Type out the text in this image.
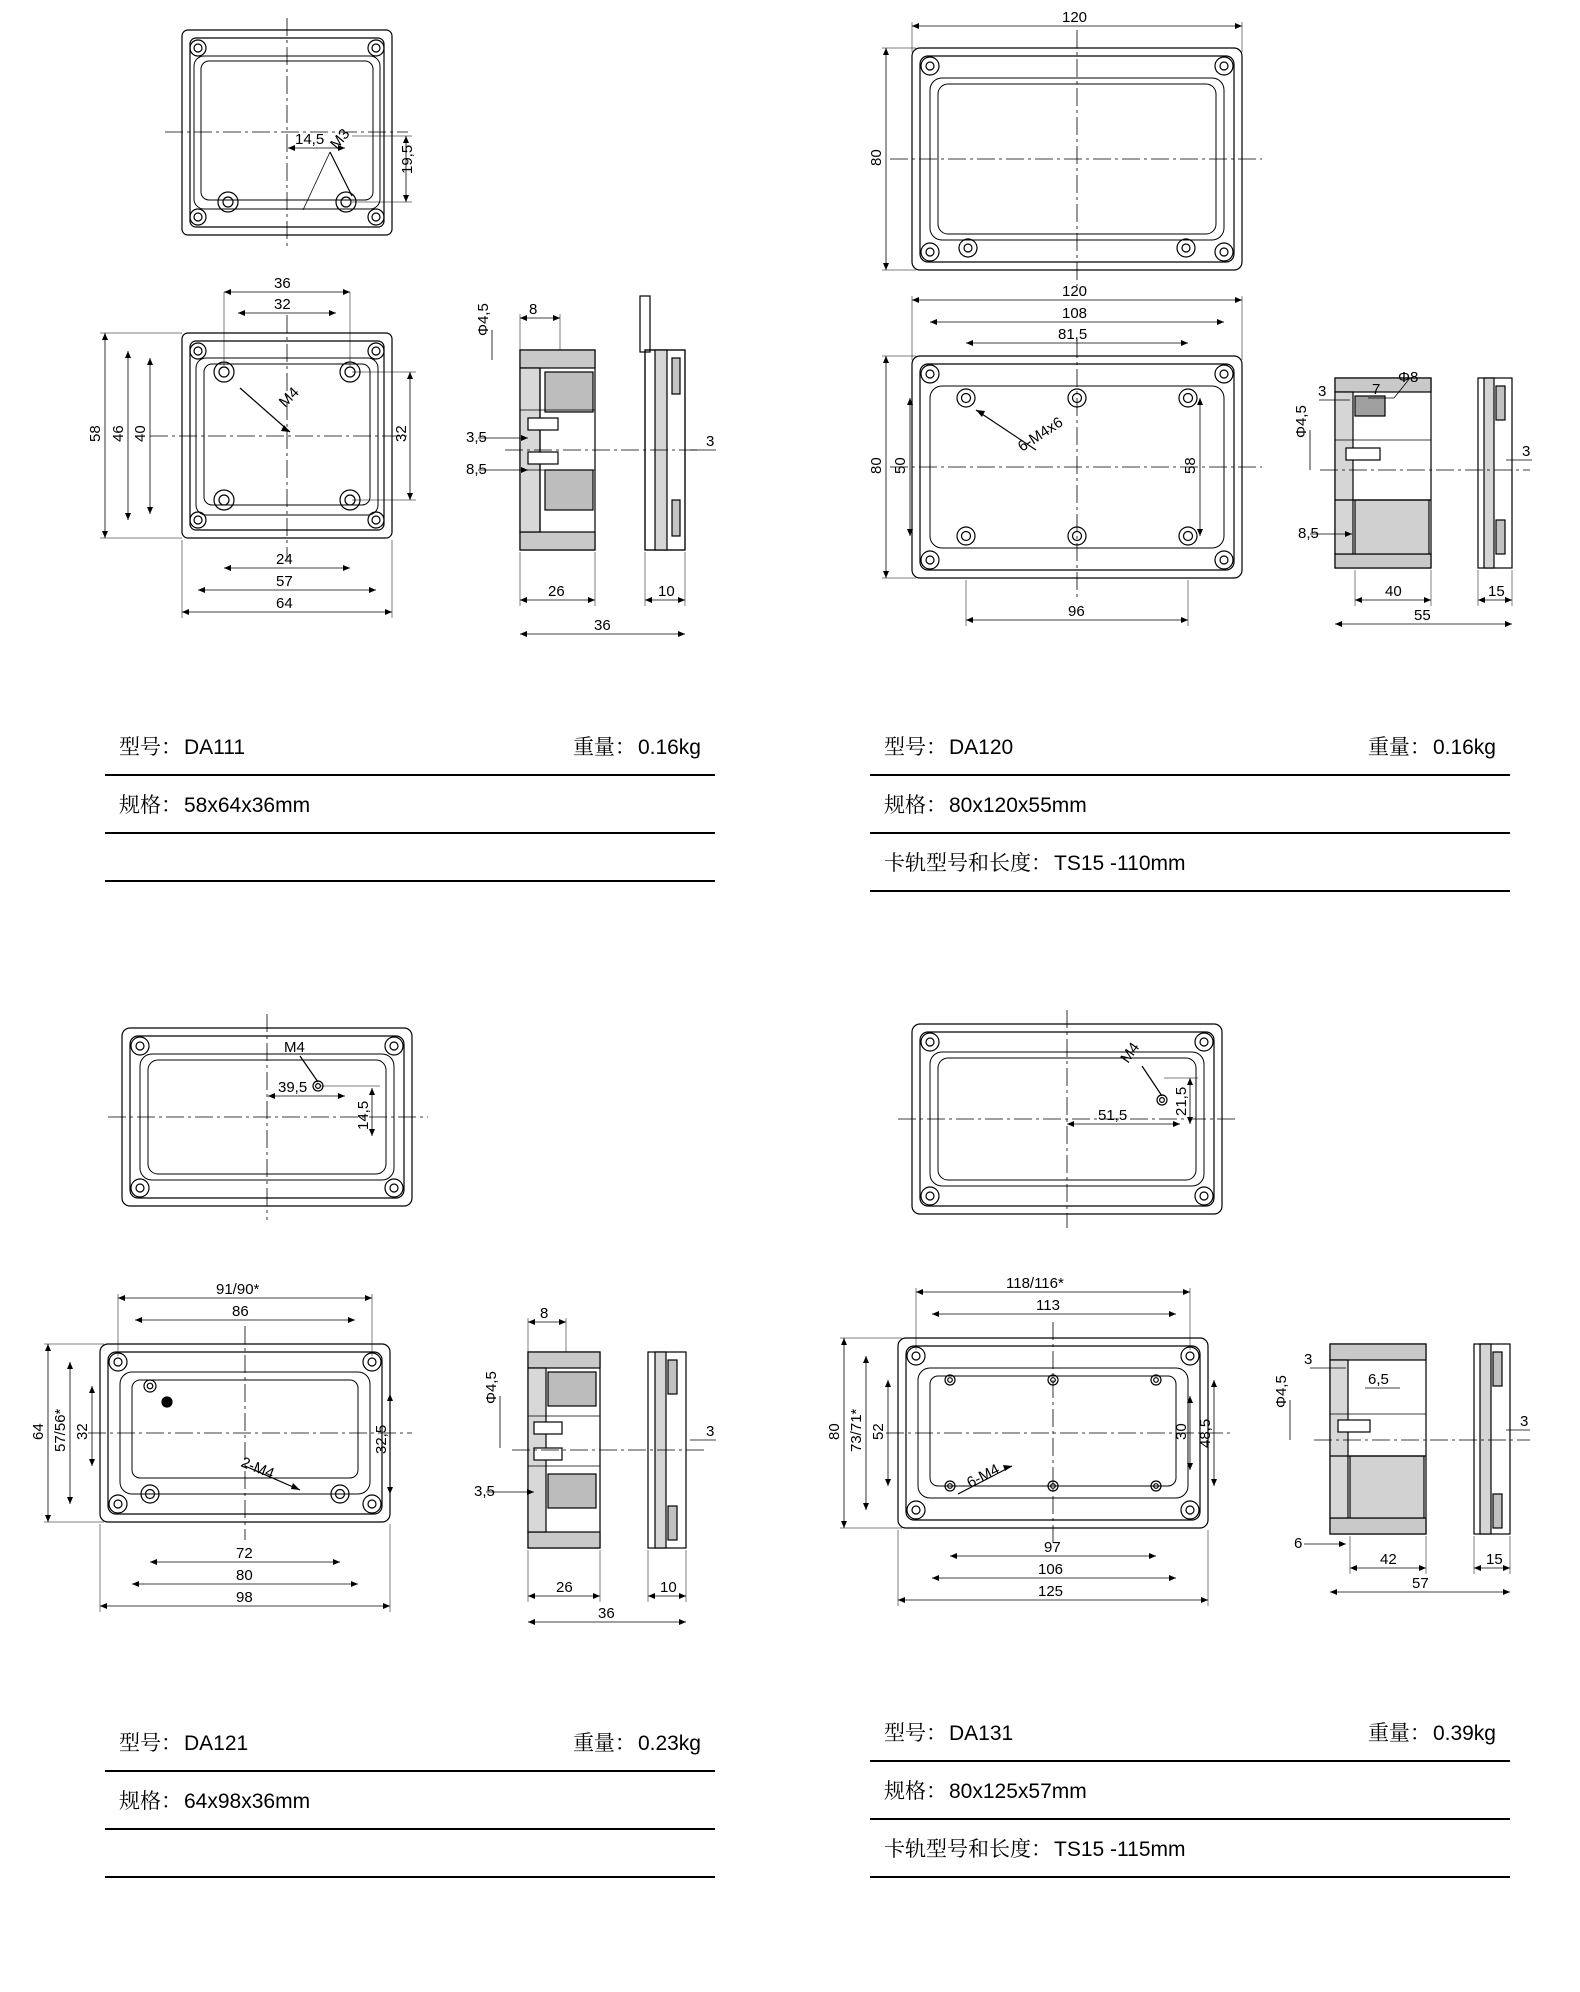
14,5 M3
19,5
M4
36
32
58 46 40	32
24
57
64
8
Φ4,5
3,5
8,5
26	10
36
3
型号： DA111	重量： 0.16kg
规格： 58x64x36mm
120
80
6-M4x6
120
108
81,5
80 50	58
96
3	7
Φ8
Φ4,5
8,5
40	15
55
3
型号： DA120	重量： 0.16kg
规格： 80x120x55mm
卡轨型号和长度： TS15 -110mm
M4
39,5
14,5
2-M4
91/90*
86
64 57/56* 32	32,5
72
80
98
8
Φ4,5
3,5
26	10
36
3
型号： DA121	重量： 0.23kg
规格： 64x98x36mm
M4
51,5	21,5
6-M4
118/116*
113
80 73/71* 52	30 48,5
97
106
125
3
6,5
Φ4,5
6
42	15
57
3
型号： DA131	重量： 0.39kg
规格： 80x125x57mm
卡轨型号和长度： TS15 -115mm
